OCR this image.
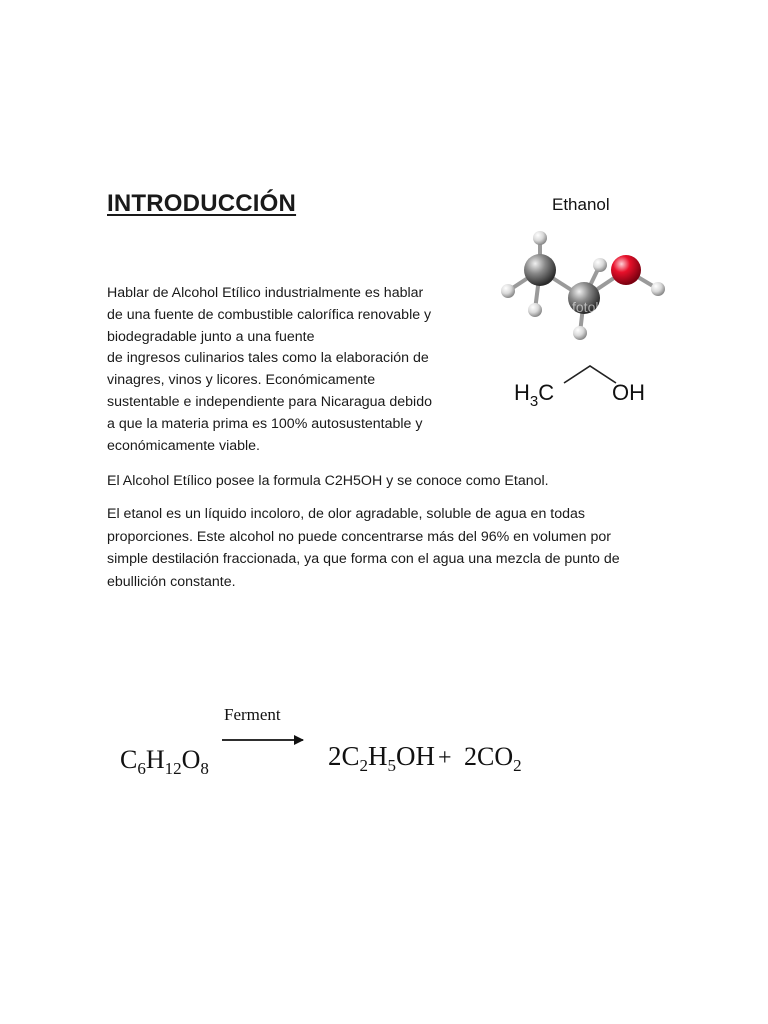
INTRODUCCIÓN
Hablar de Alcohol Etílico industrialmente es hablar
de una fuente de combustible calorífica renovable y
biodegradable junto a una fuente
de ingresos culinarios tales como la elaboración de
vinagres, vinos y licores. Económicamente
sustentable e independiente para Nicaragua debido
a que la materia prima es 100% autosustentable y
económicamente viable.
El Alcohol Etílico posee la formula C2H5OH y se conoce como Etanol.
El etanol es un líquido incoloro, de olor agradable, soluble de agua en todas
proporciones. Este alcohol no puede concentrarse más del 96% en volumen por
simple destilación fraccionada, ya que forma con el agua una mezcla de punto de
ebullición constante.
Ethanol
fotolia
$H_3C$	OH
Ferment
$C_6H_{12}O_8$	$2C_2H_5OH + 2CO_2$
